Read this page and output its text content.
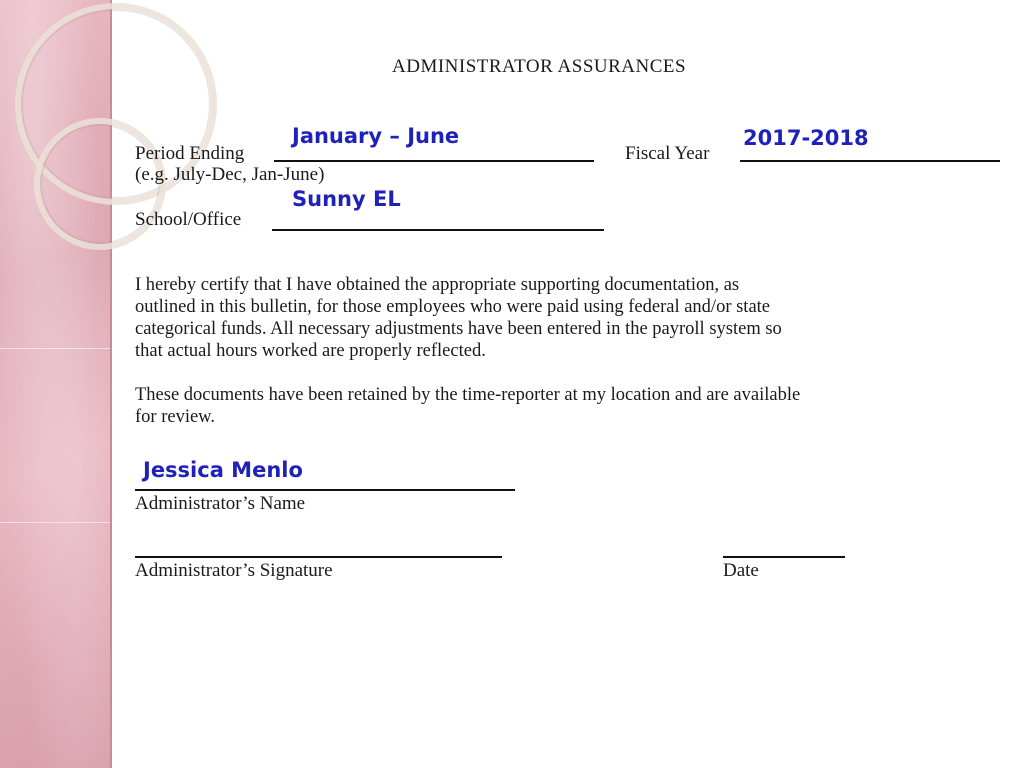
ADMINISTRATOR ASSURANCES
Period Ending
January – June
(e.g. July-Dec, Jan-June)
Fiscal Year
2017-2018
School/Office
Sunny EL
I hereby certify that I have obtained the appropriate supporting documentation, as
outlined in this bulletin, for those employees who were paid using federal and/or state
categorical funds. All necessary adjustments have been entered in the payroll system so
that actual hours worked are properly reflected.
These documents have been retained by the time-reporter at my location and are available
for review.
Jessica Menlo
Administrator’s Name
Administrator’s Signature	Date
